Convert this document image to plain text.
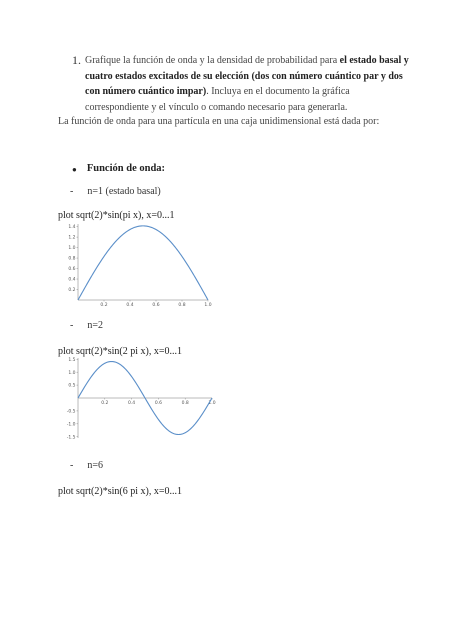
1. Grafique la función de onda y la densidad de probabilidad para el estado basal y cuatro estados excitados de su elección (dos con número cuántico par y dos con número cuántico impar). Incluya en el documento la gráfica correspondiente y el vínculo o comando necesario para generarla.
La función de onda para una partícula en una caja unidimensional está dada por:
● Función de onda:
- n=1 (estado basal)
plot sqrt(2)*sin(pi x), x=0...1
0.2	0.4	0.6	0.8	1.0
0.2
0.4
0.6
0.8
1.0
1.2
1.4
- n=2
plot sqrt(2)*sin(2 pi x), x=0...1
0.2	0.4	0.6	0.8	1.0
1.5
1.0
0.5
-0.5
-1.0
-1.5
- n=6
plot sqrt(2)*sin(6 pi x), x=0...1
